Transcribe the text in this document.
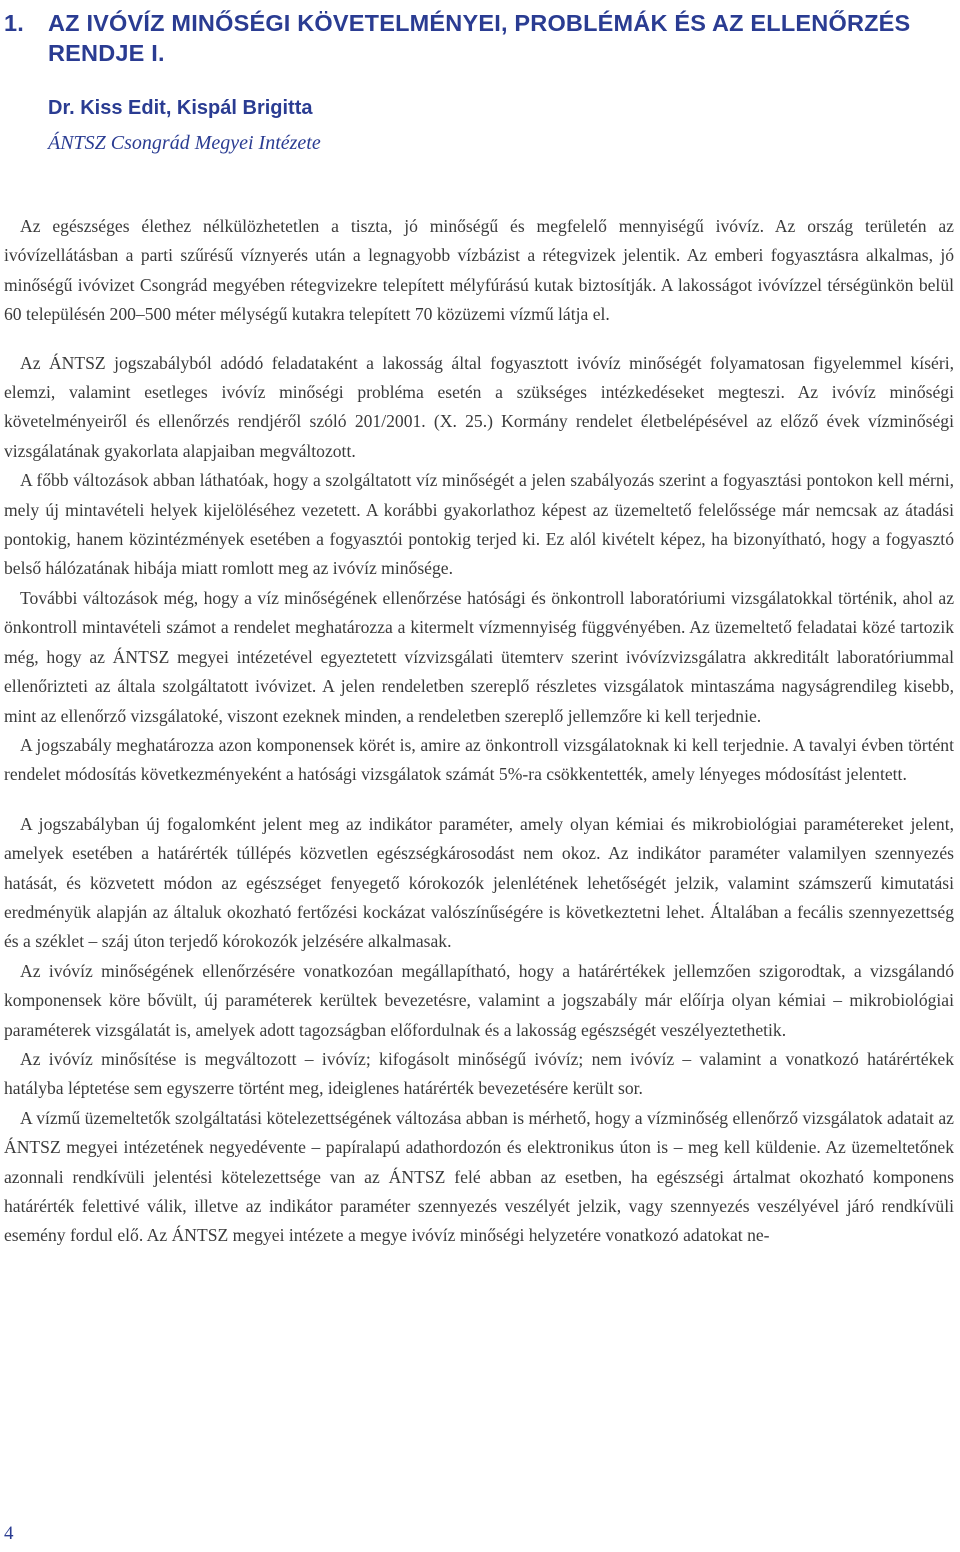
1. AZ IVÓVÍZ MINŐSÉGI KÖVETELMÉNYEI, PROBLÉMÁK ÉS AZ ELLENŐRZÉS RENDJE I.
Dr. Kiss Edit, Kispál Brigitta
ÁNTSZ Csongrád Megyei Intézete

Az egészséges élethez nélkülözhetetlen a tiszta, jó minőségű és megfelelő mennyiségű ivóvíz. Az ország területén az ivóvízellátásban a parti szűrésű víznyerés után a legnagyobb vízbázist a rétegvizek jelentik. Az emberi fogyasztásra alkalmas, jó minőségű ivóvizet Csongrád megyében rétegvizekre telepített mélyfúrású kutak biztosítják. A lakosságot ivóvízzel térségünkön belül 60 településén 200–500 méter mélységű kutakra telepített 70 közüzemi vízmű látja el.

Az ÁNTSZ jogszabályból adódó feladataként a lakosság által fogyasztott ivóvíz minőségét folyamatosan figyelemmel kíséri, elemzi, valamint esetleges ivóvíz minőségi probléma esetén a szükséges intézkedéseket megteszi. Az ivóvíz minőségi követelményeiről és ellenőrzés rendjéről szóló 201/2001. (X. 25.) Kormány rendelet életbelépésével az előző évek vízminőségi vizsgálatának gyakorlata alapjaiban megváltozott.

A főbb változások abban láthatóak, hogy a szolgáltatott víz minőségét a jelen szabályozás szerint a fogyasztási pontokon kell mérni, mely új mintavételi helyek kijelöléséhez vezetett. A korábbi gyakorlathoz képest az üzemeltető felelőssége már nemcsak az átadási pontokig, hanem közintézmények esetében a fogyasztói pontokig terjed ki. Ez alól kivételt képez, ha bizonyítható, hogy a fogyasztó belső hálózatának hibája miatt romlott meg az ivóvíz minősége.

További változások még, hogy a víz minőségének ellenőrzése hatósági és önkontroll laboratóriumi vizsgálatokkal történik, ahol az önkontroll mintavételi számot a rendelet meghatározza a kitermelt vízmennyiség függvényében. Az üzemeltető feladatai közé tartozik még, hogy az ÁNTSZ megyei intézetével egyeztetett vízvizsgálati ütemterv szerint ivóvízvizsgálatra akkreditált laboratóriummal ellenőrizteti az általa szolgáltatott ivóvizet. A jelen rendeletben szereplő részletes vizsgálatok mintaszáma nagyságrendileg kisebb, mint az ellenőrző vizsgálatoké, viszont ezeknek minden, a rendeletben szereplő jellemzőre ki kell terjednie.

A jogszabály meghatározza azon komponensek körét is, amire az önkontroll vizsgálatoknak ki kell terjednie. A tavalyi évben történt rendelet módosítás következményeként a hatósági vizsgálatok számát 5%-ra csökkentették, amely lényeges módosítást jelentett.

A jogszabályban új fogalomként jelent meg az indikátor paraméter, amely olyan kémiai és mikrobiológiai paramétereket jelent, amelyek esetében a határérték túllépés közvetlen egészségkárosodást nem okoz. Az indikátor paraméter valamilyen szennyezés hatását, és közvetett módon az egészséget fenyegető kórokozók jelenlétének lehetőségét jelzik, valamint számszerű kimutatási eredményük alapján az általuk okozható fertőzési kockázat valószínűségére is következtetni lehet. Általában a fecális szennyezettség és a széklet – száj úton terjedő kórokozók jelzésére alkalmasak.

Az ivóvíz minőségének ellenőrzésére vonatkozóan megállapítható, hogy a határértékek jellemzően szigorodtak, a vizsgálandó komponensek köre bővült, új paraméterek kerültek bevezetésre, valamint a jogszabály már előírja olyan kémiai – mikrobiológiai paraméterek vizsgálatát is, amelyek adott tagozságban előfordulnak és a lakosság egészségét veszélyeztethetik.

Az ivóvíz minősítése is megváltozott – ivóvíz; kifogásolt minőségű ivóvíz; nem ivóvíz – valamint a vonatkozó határértékek hatályba léptetése sem egyszerre történt meg, ideiglenes határérték bevezetésére került sor.

A vízmű üzemeltetők szolgáltatási kötelezettségének változása abban is mérhető, hogy a vízminőség ellenőrző vizsgálatok adatait az ÁNTSZ megyei intézetének negyedévente – papíralapú adathordozón és elektronikus úton is – meg kell küldenie. Az üzemeltetőnek azonnali rendkívüli jelentési kötelezettsége van az ÁNTSZ felé abban az esetben, ha egészségi ártalmat okozható komponens határérték felettivé válik, illetve az indikátor paraméter szennyezés veszélyét jelzik, vagy szennyezés veszélyével járó rendkívüli esemény fordul elő. Az ÁNTSZ megyei intézete a megye ivóvíz minőségi helyzetére vonatkozó adatokat ne-

4
